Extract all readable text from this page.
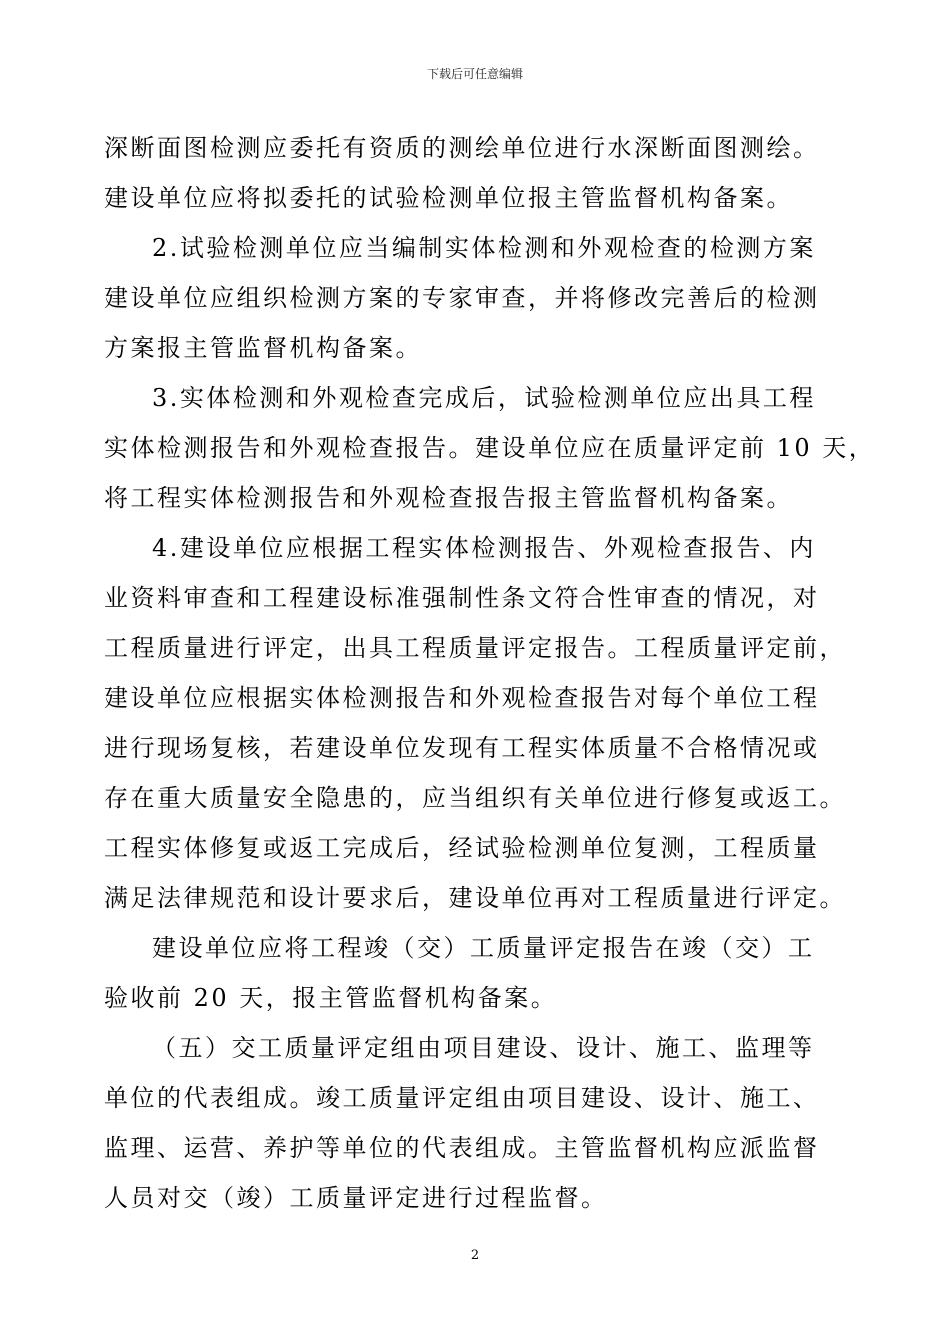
下载后可任意编辑
深断面图检测应委托有资质的测绘单位进行水深断面图测绘。
建设单位应将拟委托的试验检测单位报主管监督机构备案。
2.试验检测单位应当编制实体检测和外观检查的检测方案
建设单位应组织检测方案的专家审查，并将修改完善后的检测
方案报主管监督机构备案。
3.实体检测和外观检查完成后，试验检测单位应出具工程
实体检测报告和外观检查报告。建设单位应在质量评定前 10 天，
将工程实体检测报告和外观检查报告报主管监督机构备案。
4.建设单位应根据工程实体检测报告、外观检查报告、内
业资料审查和工程建设标准强制性条文符合性审查的情况，对
工程质量进行评定，出具工程质量评定报告。工程质量评定前，
建设单位应根据实体检测报告和外观检查报告对每个单位工程
进行现场复核，若建设单位发现有工程实体质量不合格情况或
存在重大质量安全隐患的，应当组织有关单位进行修复或返工。
工程实体修复或返工完成后，经试验检测单位复测，工程质量
满足法律规范和设计要求后，建设单位再对工程质量进行评定。
建设单位应将工程竣（交）工质量评定报告在竣（交）工
验收前 20 天，报主管监督机构备案。
（五）交工质量评定组由项目建设、设计、施工、监理等
单位的代表组成。竣工质量评定组由项目建设、设计、施工、
监理、运营、养护等单位的代表组成。主管监督机构应派监督
人员对交（竣）工质量评定进行过程监督。
2
